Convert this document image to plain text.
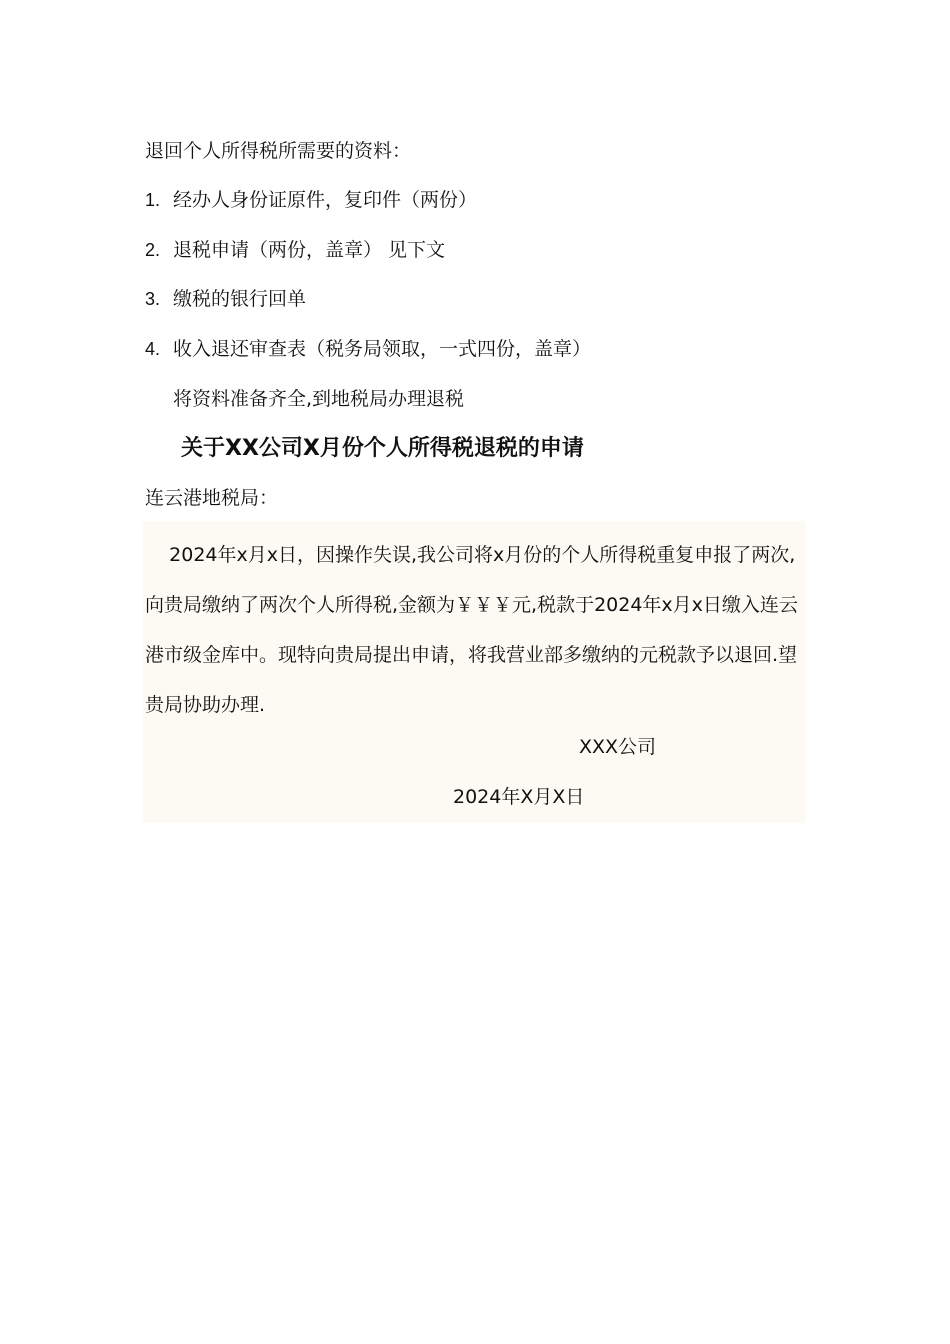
退回个人所得税所需要的资料：
1. 经办人身份证原件，复印件（两份）
2. 退税申请（两份，盖章） 见下文
3. 缴税的银行回单
4. 收入退还审查表（税务局领取，一式四份，盖章）
将资料准备齐全,到地税局办理退税
关于XX公司X月份个人所得税退税的申请
连云港地税局：
2024年x月x日，因操作失误,我公司将x月份的个人所得税重复申报了两次,向贵局缴纳了两次个人所得税,金额为￥￥￥元,税款于2024年x月x日缴入连云港市级金库中。现特向贵局提出申请，将我营业部多缴纳的元税款予以退回.望贵局协助办理.
XXX公司
2024年X月X日
